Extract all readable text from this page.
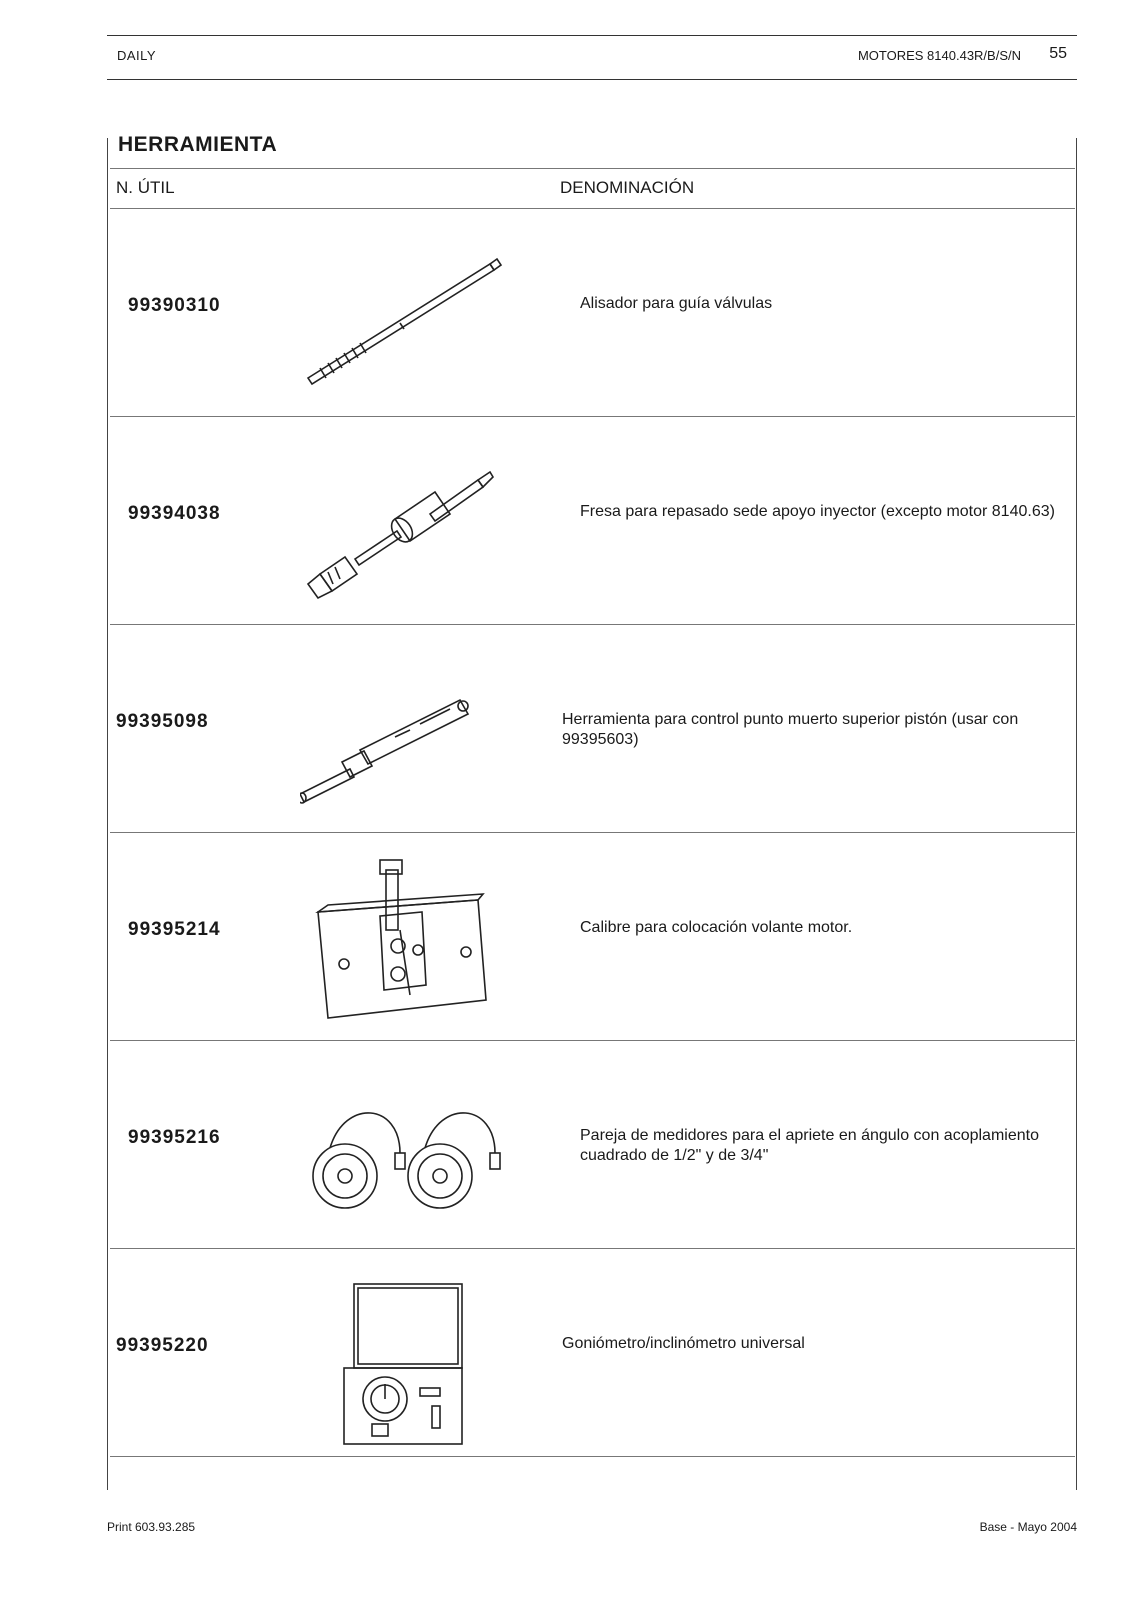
DAILY	MOTORES 8140.43R/B/S/N 55
HERRAMIENTA
N. ÚTIL	DENOMINACIÓN
99390310	Alisador para guía válvulas
99394038	Fresa para repasado sede apoyo inyector (excepto motor 8140.63)
99395098	Herramienta para control punto muerto superior pistón (usar con 99395603)
99395214	Calibre para colocación volante motor.
99395216	Pareja de medidores para el apriete en ángulo con acoplamiento cuadrado de 1/2" y de 3/4"
99395220	Goniómetro/inclinómetro universal
Print 603.93.285	Base - Mayo 2004
